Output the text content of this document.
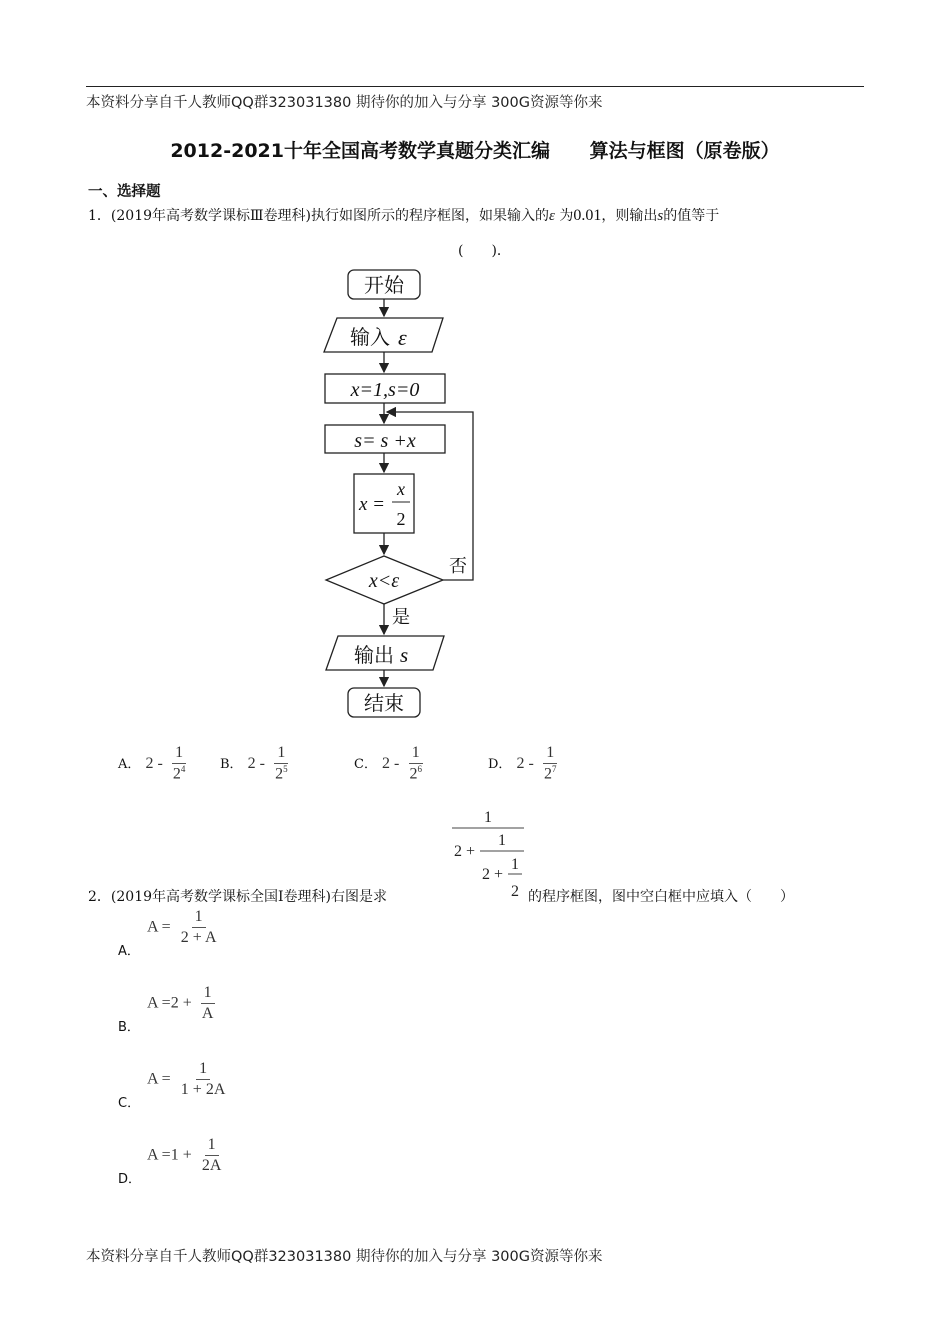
本资料分享自千人教师QQ群323031380 期待你的加入与分享 300G资源等你来
2012-2021十年全国高考数学真题分类汇编      算法与框图（原卷版）
一、选择题
1．(2019年高考数学课标Ⅲ卷理科)执行如图所示的程序框图，如果输入的ε 为0.01，则输出s的值等于
(　　)．
开始
输入 ε
x=1,s=0
s= s +x
x =
x
2
x<ε
否
是
输出 s
结束
A． $2 - \frac{1}{2^4}$ B． $2 - \frac{1}{2^5}$	C． $2 - \frac{1}{2^6}$	D． $2 - \frac{1}{2^7}$
1
2 +
1
2 +
1
2
2．(2019年高考数学课标全国Ⅰ卷理科)右图是求	的程序框图，图中空白框中应填入（　　）
A．
$A = \frac{1}{2 + A}$
B．
$A =2 + \frac{1}{A}$
C．
$A = \frac{1}{1 + 2A}$
D．
$A =1 + \frac{1}{2A}$
本资料分享自千人教师QQ群323031380 期待你的加入与分享 300G资源等你来
